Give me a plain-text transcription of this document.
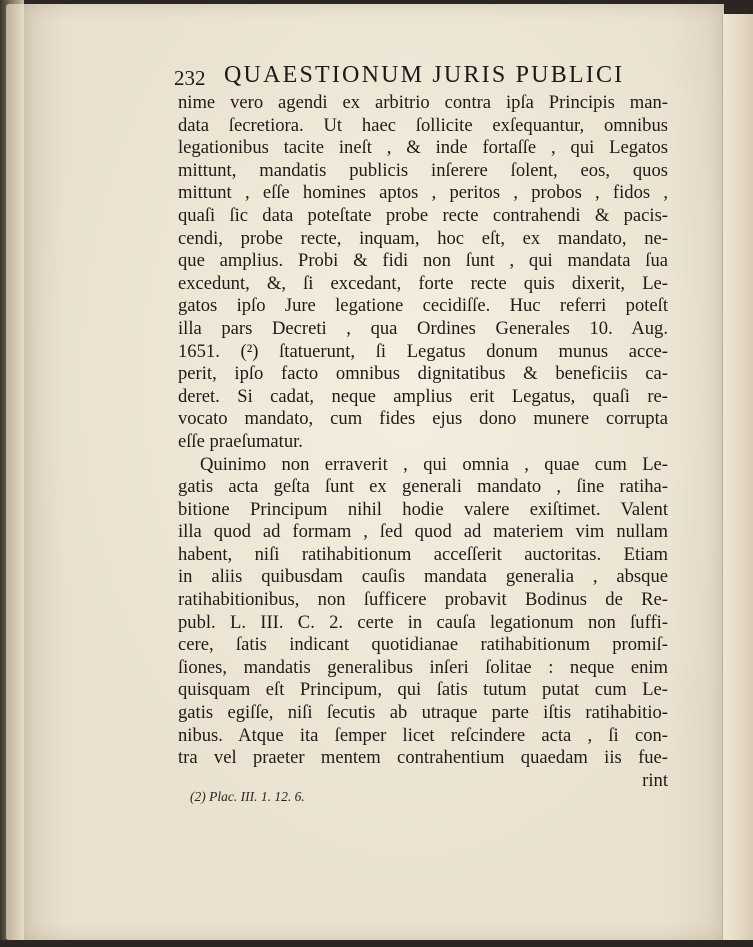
232 QUAESTIONUM JURIS PUBLICI
nime vero agendi ex arbitrio contra ipſa Principis man-
data ſecretiora. Ut haec ſollicite exſequantur, omnibus
legationibus tacite ineſt , & inde fortaſſe , qui Legatos
mittunt, mandatis publicis inſerere ſolent, eos, quos
mittunt , eſſe homines aptos , peritos , probos , fidos ,
quaſi ſic data poteſtate probe recte contrahendi & pacis-
cendi, probe recte, inquam, hoc eſt, ex mandato, ne-
que amplius. Probi & fidi non ſunt , qui mandata ſua
excedunt, &, ſi excedant, forte recte quis dixerit, Le-
gatos ipſo Jure legatione cecidiſſe. Huc referri poteſt
illa pars Decreti , qua Ordines Generales 10. Aug.
1651. (²) ſtatuerunt, ſi Legatus donum munus acce-
perit, ipſo facto omnibus dignitatibus & beneficiis ca-
deret. Si cadat, neque amplius erit Legatus, quaſi re-
vocato mandato, cum fides ejus dono munere corrupta
eſſe praeſumatur.
Quinimo non erraverit , qui omnia , quae cum Le-
gatis acta geſta ſunt ex generali mandato , ſine ratiha-
bitione Principum nihil hodie valere exiſtimet. Valent
illa quod ad formam , ſed quod ad materiem vim nullam
habent, niſi ratihabitionum acceſſerit auctoritas. Etiam
in aliis quibusdam cauſis mandata generalia , absque
ratihabitionibus, non ſufficere probavit Bodinus de Re-
publ. L. III. C. 2. certe in cauſa legationum non ſuffi-
cere, ſatis indicant quotidianae ratihabitionum promiſ-
ſiones, mandatis generalibus inſeri ſolitae : neque enim
quisquam eſt Principum, qui ſatis tutum putat cum Le-
gatis egiſſe, niſi ſecutis ab utraque parte iſtis ratihabitio-
nibus. Atque ita ſemper licet reſcindere acta , ſi con-
tra vel praeter mentem contrahentium quaedam iis fue-
rint
(2) Plac. III. 1. 12. 6.
